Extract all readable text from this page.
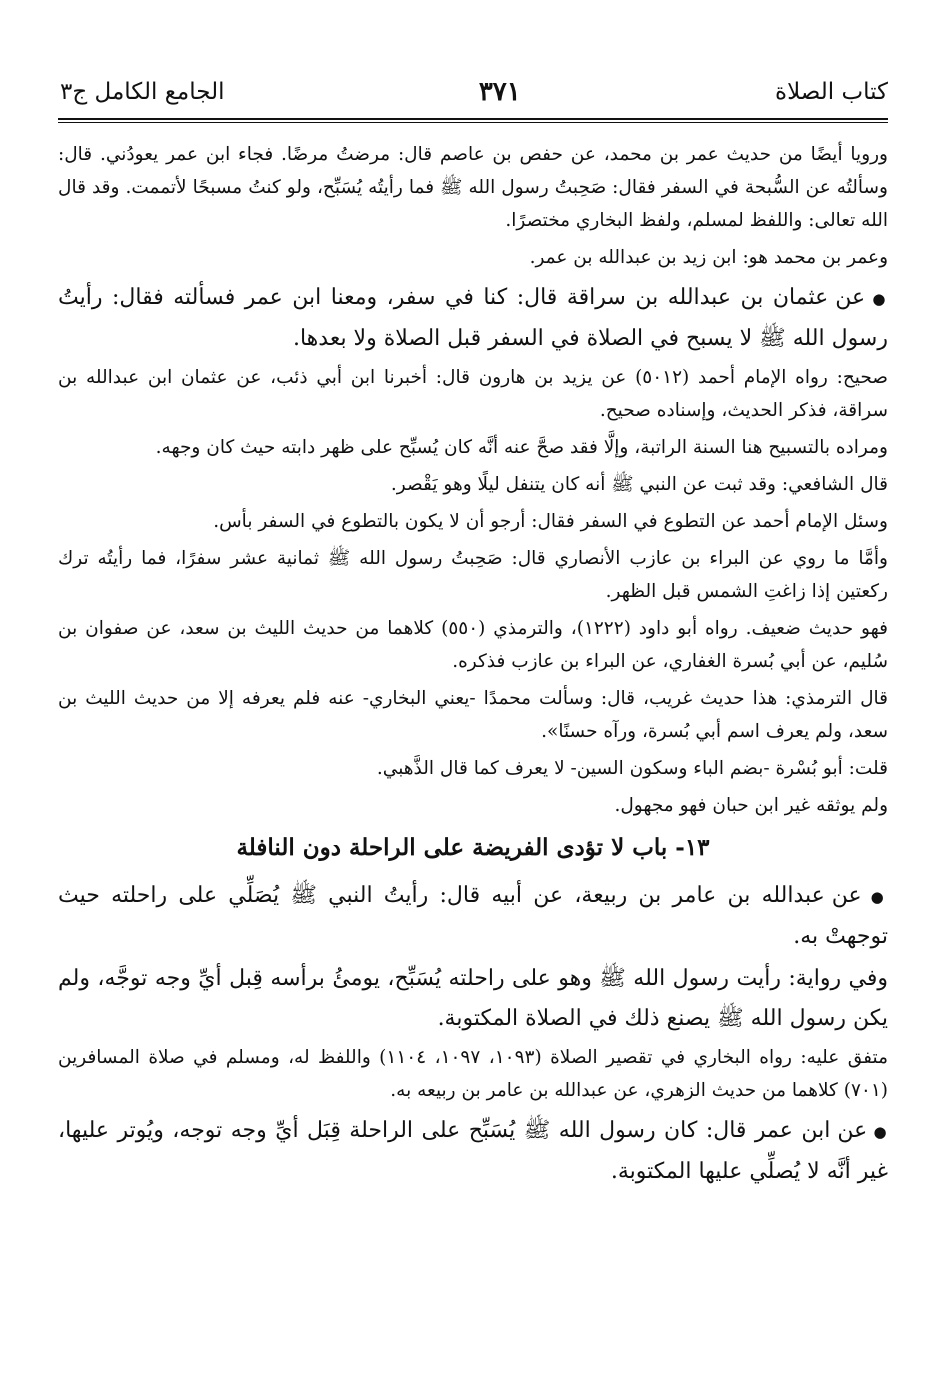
كتاب الصلاة
٣٧١
الجامع الكامل ج٣

ورويا أيضًا من حديث عمر بن محمد، عن حفص بن عاصم قال: مرضتُ مرضًا. فجاء ابن عمر يعودُني. قال: وسألتُه عن السُّبحة في السفر فقال: صَحِبتُ رسول الله ﷺ فما رأيتُه يُسَبِّح، ولو كنتُ مسبحًا لأتممت. وقد قال الله تعالى: واللفظ لمسلم، ولفظ البخاري مختصرًا.

وعمر بن محمد هو: ابن زيد بن عبدالله بن عمر.

● عن عثمان بن عبدالله بن سراقة قال: كنا في سفر، ومعنا ابن عمر فسألته فقال: رأيتُ رسول الله ﷺ لا يسبح في الصلاة في السفر قبل الصلاة ولا بعدها.

صحيح: رواه الإمام أحمد (٥٠١٢) عن يزيد بن هارون قال: أخبرنا ابن أبي ذئب، عن عثمان ابن عبدالله بن سراقة، فذكر الحديث، وإسناده صحيح.

ومراده بالتسبيح هنا السنة الراتبة، وإلَّا فقد صحَّ عنه أنَّه كان يُسبِّح على ظهر دابته حيث كان وجهه.

قال الشافعي: وقد ثبت عن النبي ﷺ أنه كان يتنفل ليلًا وهو يَقْصر.

وسئل الإمام أحمد عن التطوع في السفر فقال: أرجو أن لا يكون بالتطوع في السفر بأس.

وأمَّا ما روي عن البراء بن عازب الأنصاري قال: صَحِبتُ رسول الله ﷺ ثمانية عشر سفرًا، فما رأيتُه ترك ركعتين إذا زاغتِ الشمس قبل الظهر.

فهو حديث ضعيف. رواه أبو داود (١٢٢٢)، والترمذي (٥٥٠) كلاهما من حديث الليث بن سعد، عن صفوان بن سُليم، عن أبي بُسرة الغفاري، عن البراء بن عازب فذكره.

قال الترمذي: هذا حديث غريب، قال: وسألت محمدًا -يعني البخاري- عنه فلم يعرفه إلا من حديث الليث بن سعد، ولم يعرف اسم أبي بُسرة، ورآه حسنًا».

قلت: أبو بُسْرة -بضم الباء وسكون السين- لا يعرف كما قال الذَّهبي.

ولم يوثقه غير ابن حبان فهو مجهول.

١٣- باب لا تؤدى الفريضة على الراحلة دون النافلة

● عن عبدالله بن عامر بن ربيعة، عن أبيه قال: رأيتُ النبي ﷺ يُصَلِّي على راحلته حيث توجهتْ به.

وفي رواية: رأيت رسول الله ﷺ وهو على راحلته يُسَبِّح، يومئُ برأسه قِبل أيِّ وجه توجَّه، ولم يكن رسول الله ﷺ يصنع ذلك في الصلاة المكتوبة.

متفق عليه: رواه البخاري في تقصير الصلاة (١٠٩٣، ١٠٩٧، ١١٠٤) واللفظ له، ومسلم في صلاة المسافرين (٧٠١) كلاهما من حديث الزهري، عن عبدالله بن عامر بن ربيعه به.

● عن ابن عمر قال: كان رسول الله ﷺ يُسَبِّح على الراحلة قِبَل أيِّ وجه توجه، ويُوتر عليها، غير أنَّه لا يُصلِّي عليها المكتوبة.
